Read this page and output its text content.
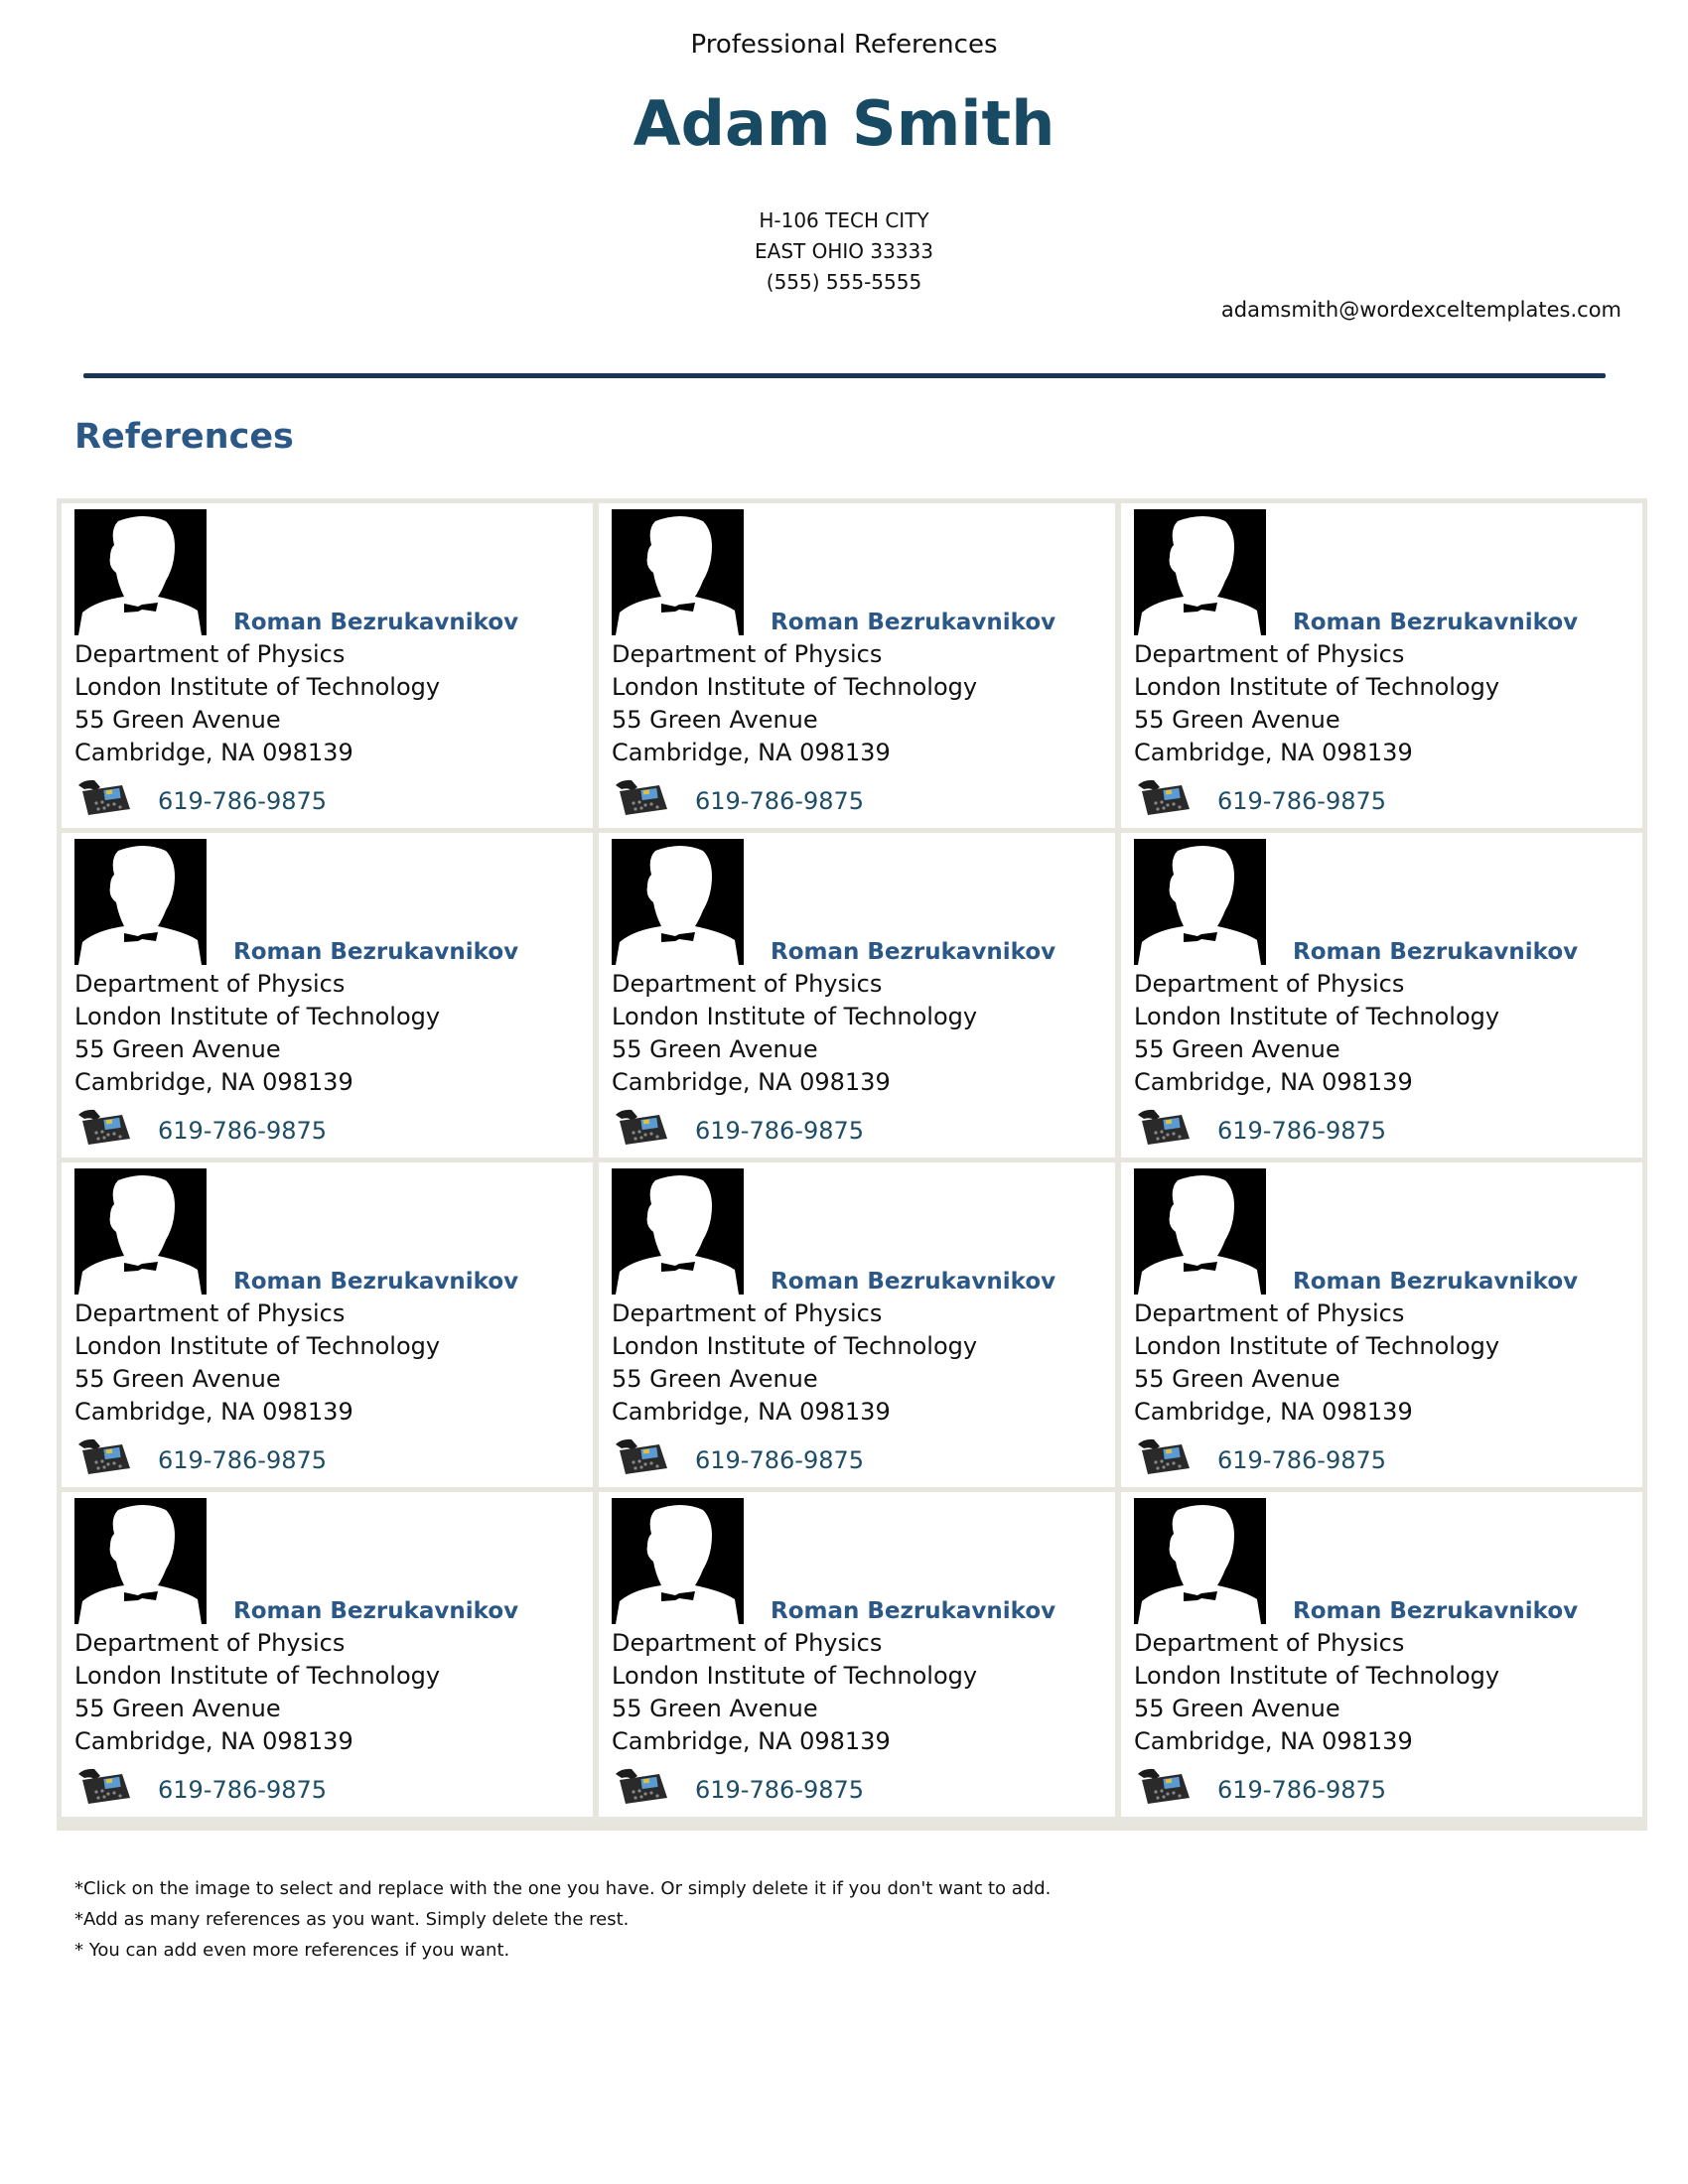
Professional References
Adam Smith
H-106 TECH CITY
EAST OHIO 33333
(555) 555-5555
adamsmith@wordexceltemplates.com
References
Roman Bezrukavnikov
Department of Physics
London Institute of Technology
55 Green Avenue
Cambridge, NA 098139
619-786-9875
Roman Bezrukavnikov
Department of Physics
London Institute of Technology
55 Green Avenue
Cambridge, NA 098139
619-786-9875
Roman Bezrukavnikov
Department of Physics
London Institute of Technology
55 Green Avenue
Cambridge, NA 098139
619-786-9875
Roman Bezrukavnikov
Department of Physics
London Institute of Technology
55 Green Avenue
Cambridge, NA 098139
619-786-9875
Roman Bezrukavnikov
Department of Physics
London Institute of Technology
55 Green Avenue
Cambridge, NA 098139
619-786-9875
Roman Bezrukavnikov
Department of Physics
London Institute of Technology
55 Green Avenue
Cambridge, NA 098139
619-786-9875
Roman Bezrukavnikov
Department of Physics
London Institute of Technology
55 Green Avenue
Cambridge, NA 098139
619-786-9875
Roman Bezrukavnikov
Department of Physics
London Institute of Technology
55 Green Avenue
Cambridge, NA 098139
619-786-9875
Roman Bezrukavnikov
Department of Physics
London Institute of Technology
55 Green Avenue
Cambridge, NA 098139
619-786-9875
Roman Bezrukavnikov
Department of Physics
London Institute of Technology
55 Green Avenue
Cambridge, NA 098139
619-786-9875
Roman Bezrukavnikov
Department of Physics
London Institute of Technology
55 Green Avenue
Cambridge, NA 098139
619-786-9875
Roman Bezrukavnikov
Department of Physics
London Institute of Technology
55 Green Avenue
Cambridge, NA 098139
619-786-9875
*Click on the image to select and replace with the one you have. Or simply delete it if you don't want to add.
*Add as many references as you want. Simply delete the rest.
* You can add even more references if you want.
